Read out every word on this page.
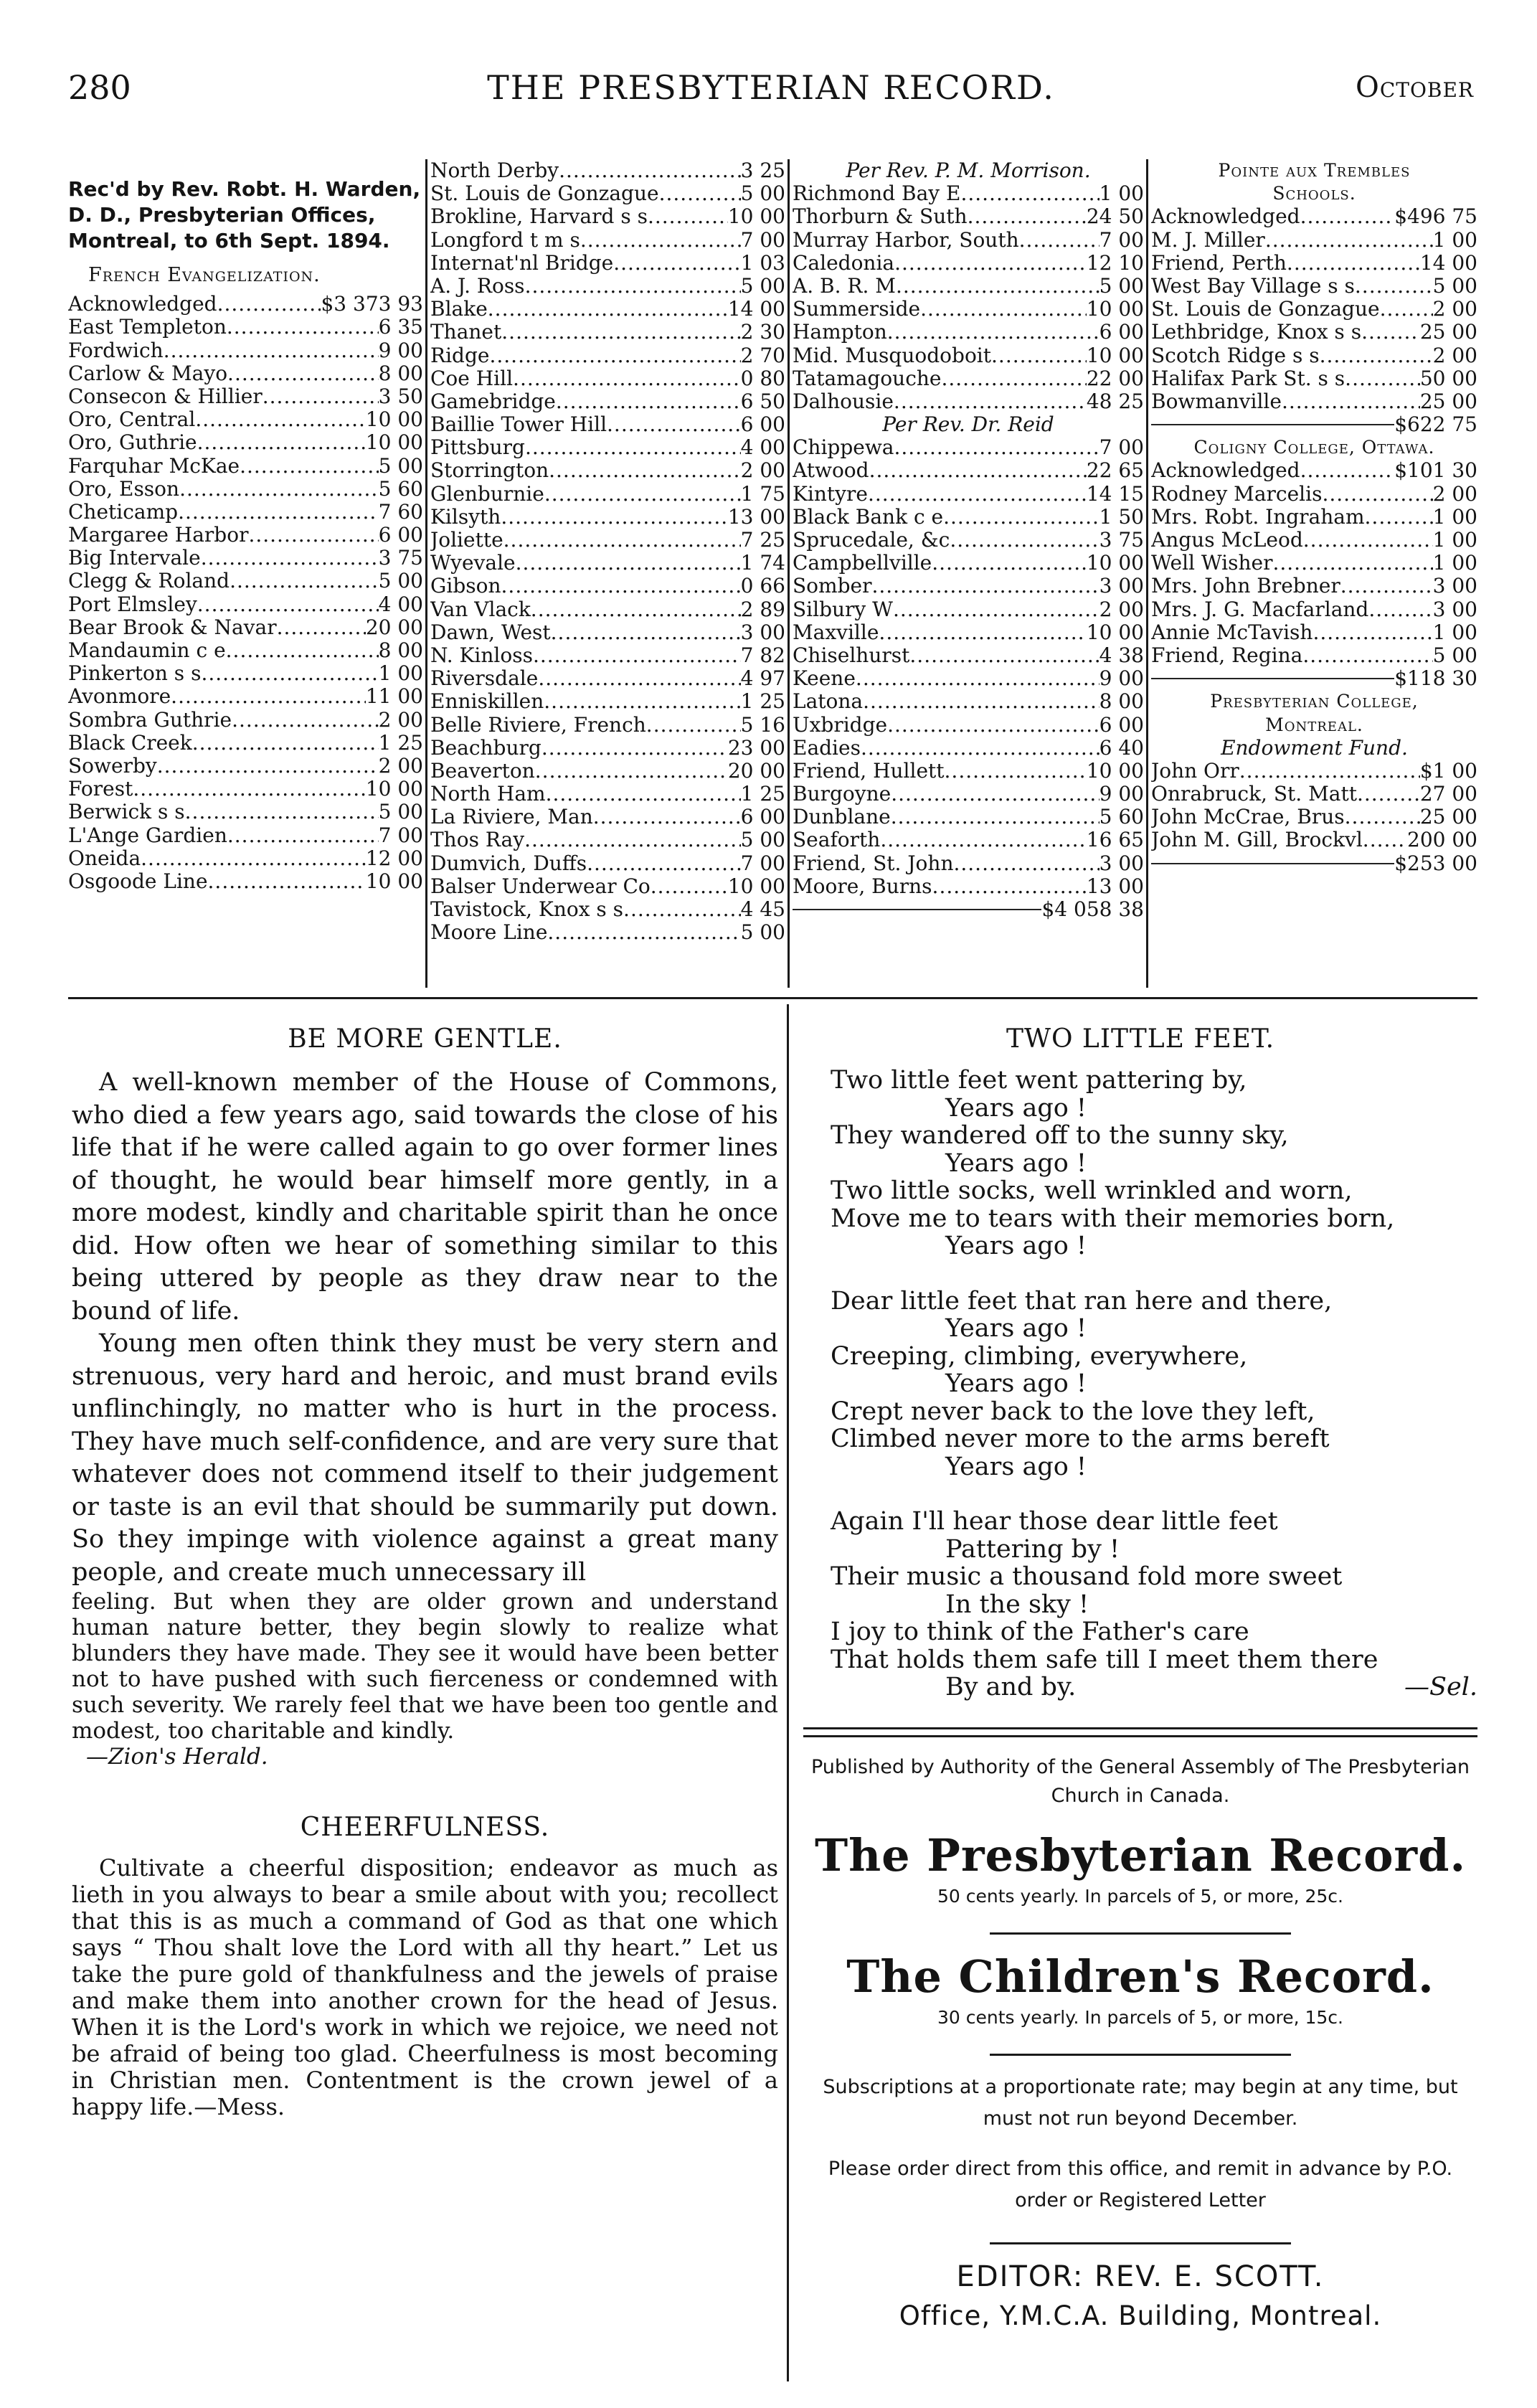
280	THE PRESBYTERIAN RECORD.	October
Rec'd by Rev. Robt. H. Warden, D. D., Presbyterian Offices, Montreal, to 6th Sept. 1894.
French Evangelization.
Acknowledged .....	$3 373 93
East Templeton .....	6 35
Fordwich .....	9 00
Carlow & Mayo .....	8 00
Consecon & Hillier .....	3 50
Oro, Central .....	10 00
Oro, Guthrie .....	10 00
Farquhar McKae .....	5 00
Oro, Esson .....	5 60
Cheticamp .....	7 60
Margaree Harbor .....	6 00
Big Intervale .....	3 75
Clegg & Roland .....	5 00
Port Elmsley .....	4 00
Bear Brook & Navar .....	20 00
Mandaumin c e .....	8 00
Pinkerton s s .....	1 00
Avonmore .....	11 00
Sombra Guthrie .....	2 00
Black Creek .....	1 25
Sowerby .....	2 00
Forest .....	10 00
Berwick s s .....	5 00
L'Ange Gardien .....	7 00
Oneida .....	12 00
Osgoode Line .....	10 00
North Derby .....	3 25
St. Louis de Gonzague .....	5 00
Brokline, Harvard s s .....	10 00
Longford t m s .....	7 00
Internat'nl Bridge .....	1 03
A. J. Ross .....	5 00
Blake .....	14 00
Thanet .....	2 30
Ridge .....	2 70
Coe Hill .....	0 80
Gamebridge .....	6 50
Baillie Tower Hill .....	6 00
Pittsburg .....	4 00
Storrington .....	2 00
Glenburnie .....	1 75
Kilsyth .....	13 00
Joliette .....	7 25
Wyevale .....	1 74
Gibson .....	0 66
Van Vlack .....	2 89
Dawn, West .....	3 00
N. Kinloss .....	7 82
Riversdale .....	4 97
Enniskillen .....	1 25
Belle Riviere, French .....	5 16
Beachburg .....	23 00
Beaverton .....	20 00
North Ham .....	1 25
La Riviere, Man .....	6 00
Thos Ray .....	5 00
Dumvich, Duffs .....	7 00
Balser Underwear Co .....	10 00
Tavistock, Knox s s .....	4 45
Moore Line .....	5 00
Per Rev. P. M. Morrison.
Richmond Bay E .....	1 00
Thorburn & Suth .....	24 50
Murray Harbor, South .....	7 00
Caledonia .....	12 10
A. B. R. M .....	5 00
Summerside .....	10 00
Hampton .....	6 00
Mid. Musquodoboit .....	10 00
Tatamagouche .....	22 00
Dalhousie .....	48 25
Per Rev. Dr. Reid
Chippewa .....	7 00
Atwood .....	22 65
Kintyre .....	14 15
Black Bank c e .....	1 50
Sprucedale, &c .....	3 75
Campbellville .....	10 00
Somber .....	3 00
Silbury W .....	2 00
Maxville .....	10 00
Chiselhurst .....	4 38
Keene .....	9 00
Latona .....	8 00
Uxbridge .....	6 00
Eadies .....	6 40
Friend, Hullett .....	10 00
Burgoyne .....	9 00
Dunblane .....	5 60
Seaforth .....	16 65
Friend, St. John .....	3 00
Moore, Burns .....	13 00
$4 058 38
Pointe aux Trembles
Schools.
Acknowledged .....	$496 75
M. J. Miller .....	1 00
Friend, Perth .....	14 00
West Bay Village s s .....	5 00
St. Louis de Gonzague .....	2 00
Lethbridge, Knox s s .....	25 00
Scotch Ridge s s .....	2 00
Halifax Park St. s s .....	50 00
Bowmanville .....	25 00
$622 75
Coligny College, Ottawa.
Acknowledged .....	$101 30
Rodney Marcelis .....	2 00
Mrs. Robt. Ingraham .....	1 00
Angus McLeod .....	1 00
Well Wisher .....	1 00
Mrs. John Brebner .....	3 00
Mrs. J. G. Macfarland .....	3 00
Annie McTavish .....	1 00
Friend, Regina .....	5 00
$118 30
Presbyterian College,
Montreal.
Endowment Fund.
John Orr .....	$1 00
Onrabruck, St. Matt .....	27 00
John McCrae, Brus .....	25 00
John M. Gill, Brockvl ..... 200 00
$253 00
BE MORE GENTLE.

A well-known member of the House of Commons, who died a few years ago, said towards the close of his life that if he were called again to go over former lines of thought, he would bear himself more gently, in a more modest, kindly and charitable spirit than he once did. How often we hear of something similar to this being uttered by people as they draw near to the bound of life.

Young men often think they must be very stern and strenuous, very hard and heroic, and must brand evils unflinchingly, no matter who is hurt in the process. They have much self-confidence, and are very sure that whatever does not commend itself to their judgement or taste is an evil that should be summarily put down. So they impinge with violence against a great many people, and create much unnecessary ill

feeling. But when they are older grown and understand human nature better, they begin slowly to realize what blunders they have made. They see it would have been better not to have pushed with such fierceness or condemned with such severity. We rarely feel that we have been too gentle and modest, too charitable and kindly.

—Zion's Herald.
CHEERFULNESS.

Cultivate a cheerful disposition; endeavor as much as lieth in you always to bear a smile about with you; recollect that this is as much a command of God as that one which says “ Thou shalt love the Lord with all thy heart.” Let us take the pure gold of thankfulness and the jewels of praise and make them into another crown for the head of Jesus. When it is the Lord's work in which we rejoice, we need not be afraid of being too glad. Cheerfulness is most becoming in Christian men. Contentment is the crown jewel of a happy life.—Mess.

TWO LITTLE FEET.
Two little feet went pattering by,
Years ago !
They wandered off to the sunny sky,
Years ago !
Two little socks, well wrinkled and worn,
Move me to tears with their memories born,
Years ago !
Dear little feet that ran here and there,
Years ago !
Creeping, climbing, everywhere,
Years ago !
Crept never back to the love they left,
Climbed never more to the arms bereft
Years ago !
Again I'll hear those dear little feet
Pattering by !
Their music a thousand fold more sweet
In the sky !
I joy to think of the Father's care
That holds them safe till I meet them there
By and by.	—Sel.
Published by Authority of the General Assembly of The Presbyterian Church in Canada.
The Presbyterian Record.
50 cents yearly. In parcels of 5, or more, 25c.
The Children's Record.
30 cents yearly. In parcels of 5, or more, 15c.
Subscriptions at a proportionate rate; may begin at any time, but must not run beyond December.
Please order direct from this office, and remit in advance by P.O. order or Registered Letter
EDITOR: REV. E. SCOTT.
Office, Y.M.C.A. Building, Montreal.
